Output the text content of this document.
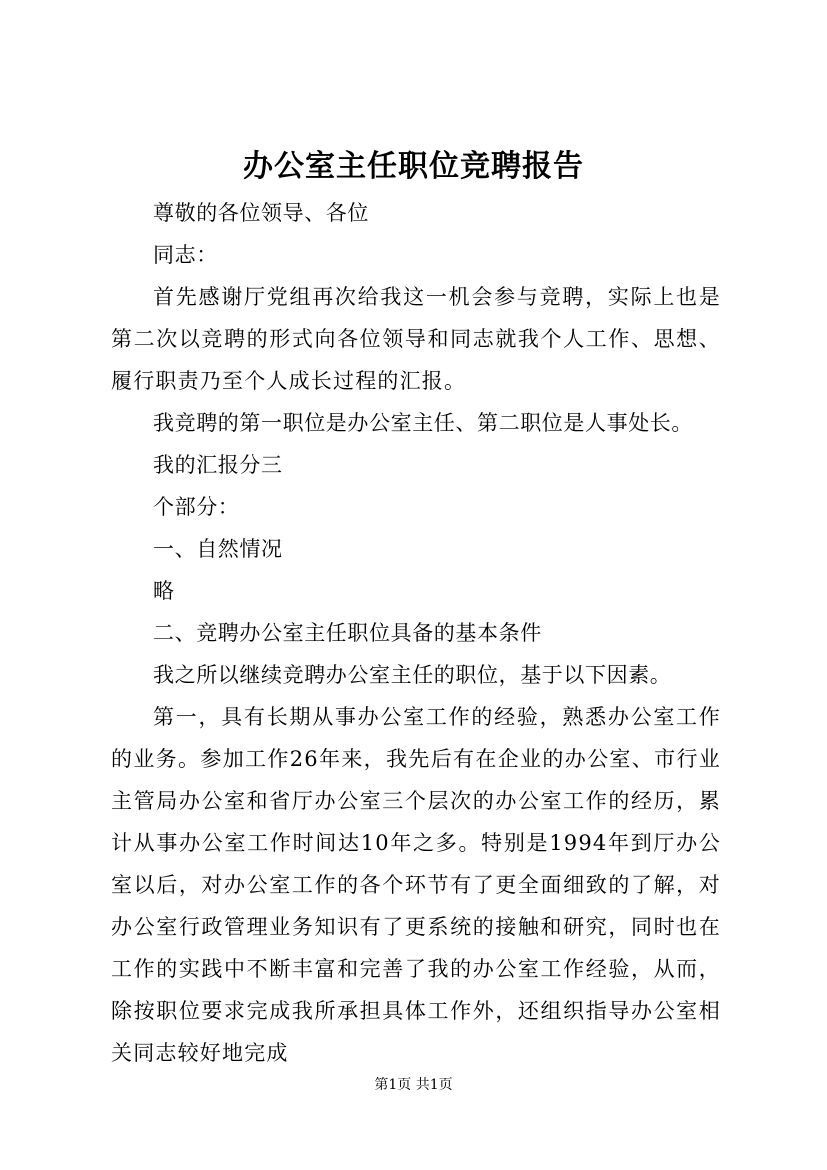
办公室主任职位竞聘报告

尊敬的各位领导、各位

同志：

首先感谢厅党组再次给我这一机会参与竞聘，实际上也是第二次以竞聘的形式向各位领导和同志就我个人工作、思想、履行职责乃至个人成长过程的汇报。

我竞聘的第一职位是办公室主任、第二职位是人事处长。

我的汇报分三

个部分：

一、自然情况

略

二、竞聘办公室主任职位具备的基本条件

我之所以继续竞聘办公室主任的职位，基于以下因素。

第一，具有长期从事办公室工作的经验，熟悉办公室工作的业务。参加工作26年来，我先后有在企业的办公室、市行业主管局办公室和省厅办公室三个层次的办公室工作的经历，累计从事办公室工作时间达10年之多。特别是1994年到厅办公室以后，对办公室工作的各个环节有了更全面细致的了解，对办公室行政管理业务知识有了更系统的接触和研究，同时也在工作的实践中不断丰富和完善了我的办公室工作经验，从而，除按职位要求完成我所承担具体工作外，还组织指导办公室相关同志较好地完成

第1页 共1页
